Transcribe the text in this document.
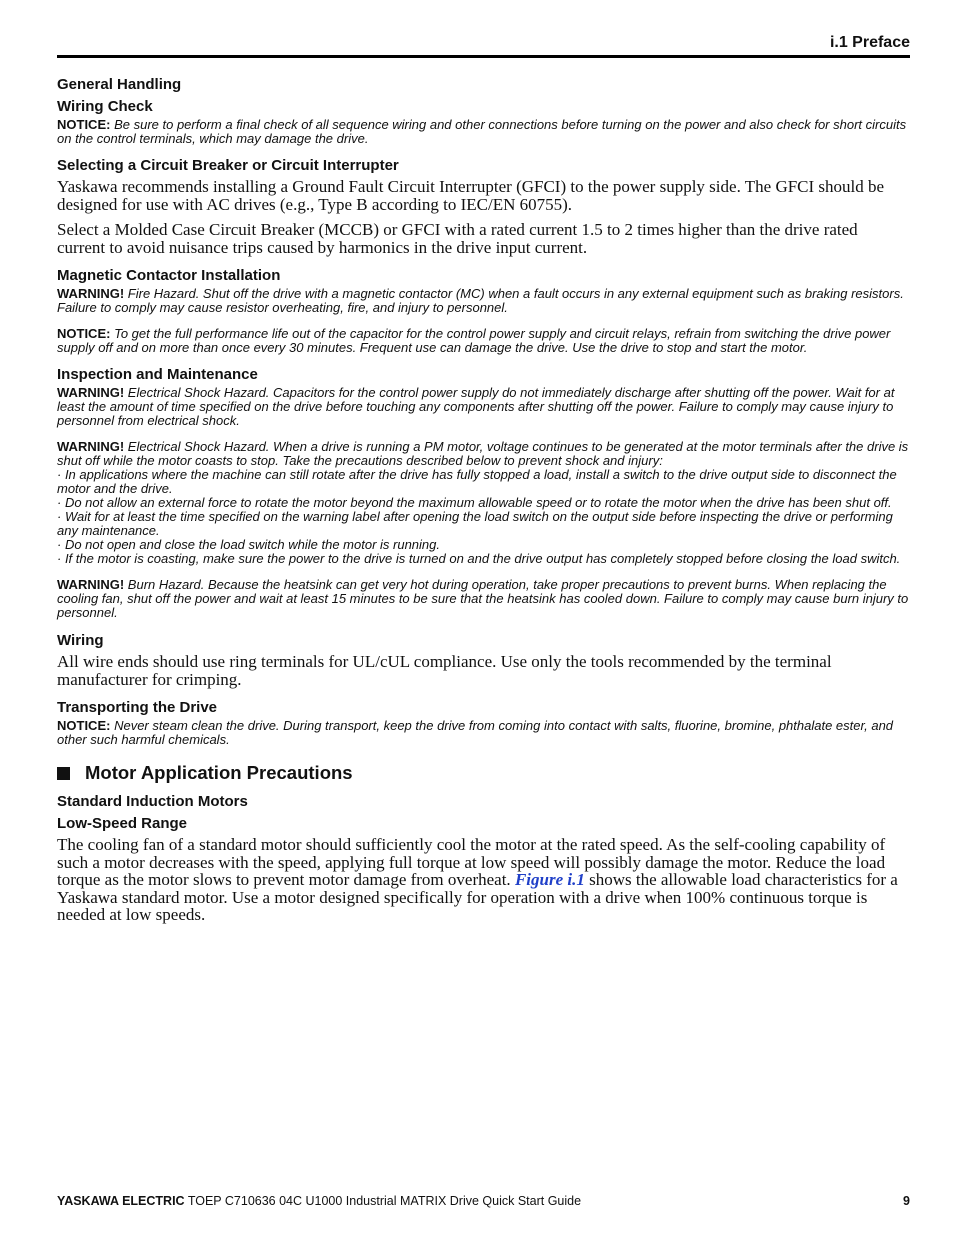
i.1 Preface
General Handling
Wiring Check

NOTICE: Be sure to perform a final check of all sequence wiring and other connections before turning on the power and also check for short circuits on the control terminals, which may damage the drive.

Selecting a Circuit Breaker or Circuit Interrupter

Yaskawa recommends installing a Ground Fault Circuit Interrupter (GFCI) to the power supply side. The GFCI should be designed for use with AC drives (e.g., Type B according to IEC/EN 60755).

Select a Molded Case Circuit Breaker (MCCB) or GFCI with a rated current 1.5 to 2 times higher than the drive rated current to avoid nuisance trips caused by harmonics in the drive input current.

Magnetic Contactor Installation

WARNING! Fire Hazard. Shut off the drive with a magnetic contactor (MC) when a fault occurs in any external equipment such as braking resistors. Failure to comply may cause resistor overheating, fire, and injury to personnel.

NOTICE: To get the full performance life out of the capacitor for the control power supply and circuit relays, refrain from switching the drive power supply off and on more than once every 30 minutes. Frequent use can damage the drive. Use the drive to stop and start the motor.

Inspection and Maintenance

WARNING! Electrical Shock Hazard. Capacitors for the control power supply do not immediately discharge after shutting off the power. Wait for at least the amount of time specified on the drive before touching any components after shutting off the power. Failure to comply may cause injury to personnel from electrical shock.

WARNING! Electrical Shock Hazard. When a drive is running a PM motor, voltage continues to be generated at the motor terminals after the drive is shut off while the motor coasts to stop. Take the precautions described below to prevent shock and injury:
· In applications where the machine can still rotate after the drive has fully stopped a load, install a switch to the drive output side to disconnect the motor and the drive.
· Do not allow an external force to rotate the motor beyond the maximum allowable speed or to rotate the motor when the drive has been shut off.
· Wait for at least the time specified on the warning label after opening the load switch on the output side before inspecting the drive or performing any maintenance.
· Do not open and close the load switch while the motor is running.
· If the motor is coasting, make sure the power to the drive is turned on and the drive output has completely stopped before closing the load switch.

WARNING! Burn Hazard. Because the heatsink can get very hot during operation, take proper precautions to prevent burns. When replacing the cooling fan, shut off the power and wait at least 15 minutes to be sure that the heatsink has cooled down. Failure to comply may cause burn injury to personnel.

Wiring

All wire ends should use ring terminals for UL/cUL compliance. Use only the tools recommended by the terminal manufacturer for crimping.

Transporting the Drive

NOTICE: Never steam clean the drive. During transport, keep the drive from coming into contact with salts, fluorine, bromine, phthalate ester, and other such harmful chemicals.

Motor Application Precautions
Standard Induction Motors
Low-Speed Range

The cooling fan of a standard motor should sufficiently cool the motor at the rated speed. As the self-cooling capability of such a motor decreases with the speed, applying full torque at low speed will possibly damage the motor. Reduce the load torque as the motor slows to prevent motor damage from overheat. Figure i.1 shows the allowable load characteristics for a Yaskawa standard motor. Use a motor designed specifically for operation with a drive when 100% continuous torque is needed at low speeds.

YASKAWA ELECTRIC TOEP C710636 04C U1000 Industrial MATRIX Drive Quick Start Guide	9
